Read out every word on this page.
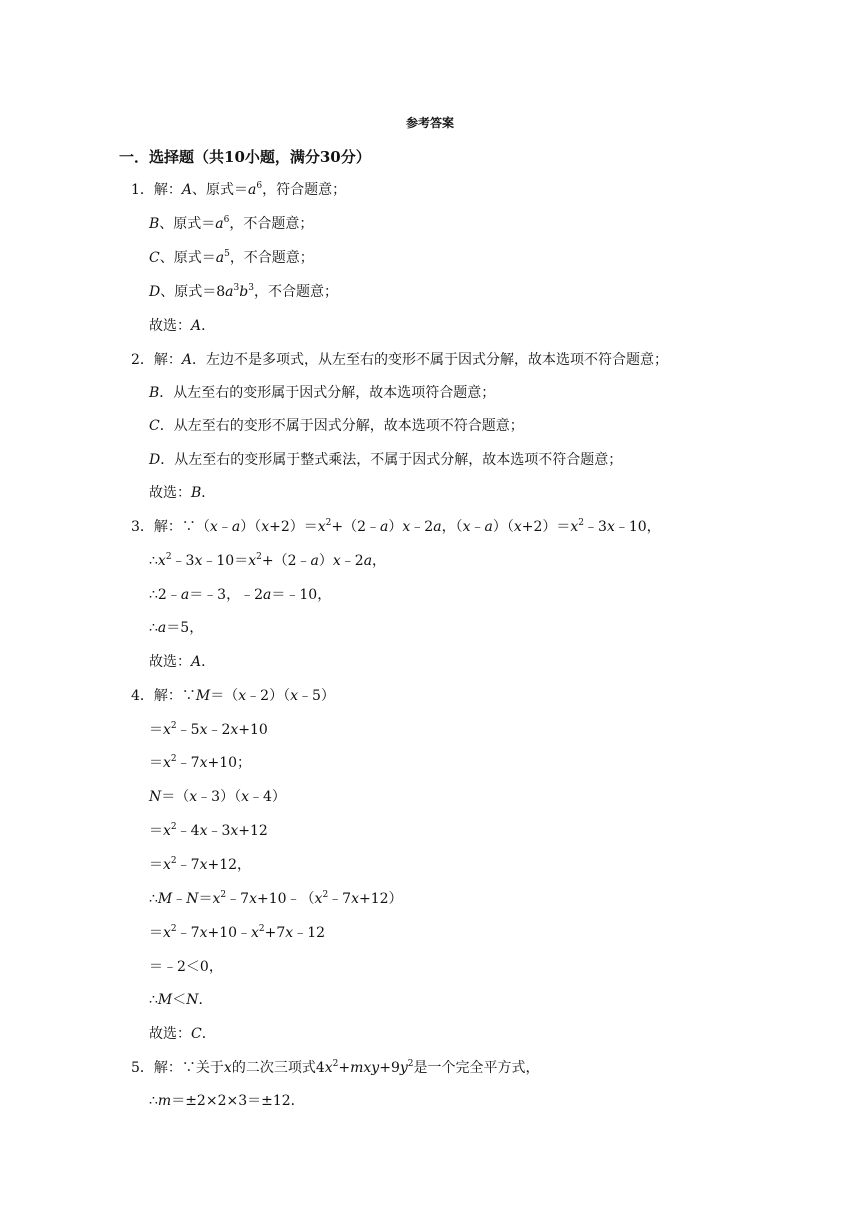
参考答案
一．选择题（共10小题，满分30分）
1．解：A、原式$=a^6$，符合题意；
B、原式$=a^6$，不合题意；
C、原式$=a^5$，不合题意；
D、原式$=8a^3b^3$，不合题意；
故选：A．
2．解：A．左边不是多项式，从左至右的变形不属于因式分解，故本选项不符合题意；
B．从左至右的变形属于因式分解，故本选项符合题意；
C．从左至右的变形不属于因式分解，故本选项不符合题意；
D．从左至右的变形属于整式乘法，不属于因式分解，故本选项不符合题意；
故选：B．
3．解：$\because(x﹣a)(x+2)=x^2+(2﹣a)x﹣2a$，$(x﹣a)(x+2)=x^2﹣3x﹣10$，
$\therefore x^2﹣3x﹣10=x^2+(2﹣a)x﹣2a$，
∴2﹣a＝﹣3，﹣2a＝﹣10，
∴a＝5，
故选：A．
4．解：∵M＝（x﹣2）（x﹣5）
$=x^2﹣5x﹣2x+10$
$=x^2﹣7x+10$；
N＝（x﹣3）（x﹣4）
$=x^2﹣4x﹣3x+12$
$=x^2﹣7x+12$，
$\therefore M﹣N=x^2﹣7x+10﹣(x^2﹣7x+12)$
$=x^2﹣7x+10﹣x^2+7x﹣12$
＝﹣2＜0，
∴M＜N．
故选：C．
5．解：∵关于x的二次三项式$4x^2+mxy+9y^2$是一个完全平方式，
∴m＝±2×2×3＝±12．
